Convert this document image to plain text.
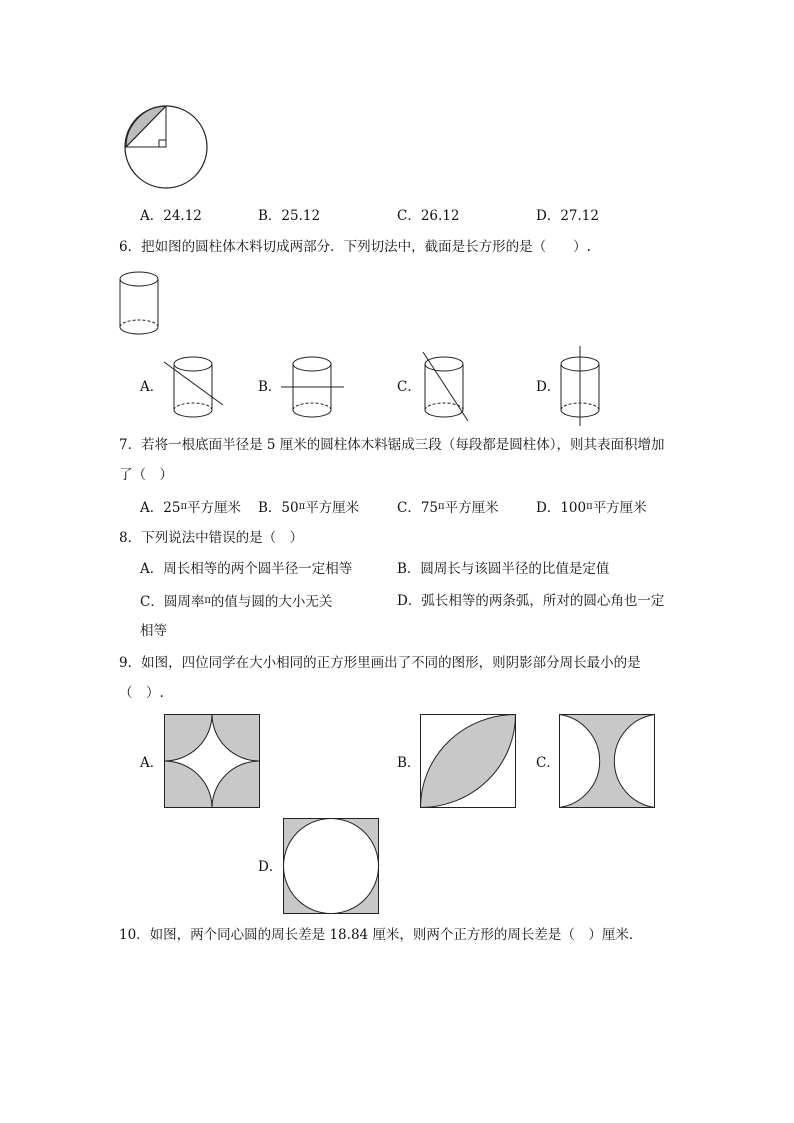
A．24.12	B．25.12	C．26.12	D．27.12
6．把如图的圆柱体木料切成两部分．下列切法中，截面是长方形的是（　　）.
A．	B．	C．	D．
7．若将一根底面半径是 5 厘米的圆柱体木料锯成三段（每段都是圆柱体），则其表面积增加
了（　）
A．$25^\pi$平方厘米 B．$50^\pi$平方厘米	C．$75^\pi$平方厘米	D．$100^\pi$平方厘米
8．下列说法中错误的是（　）
A．周长相等的两个圆半径一定相等	B．圆周长与该圆半径的比值是定值
C．圆周率$^\pi$的值与圆的大小无关	D．弧长相等的两条弧，所对的圆心角也一定
相等
9．如图，四位同学在大小相同的正方形里画出了不同的图形，则阴影部分周长最小的是
（　）.
A．	B．	C．
D．
10．如图，两个同心圆的周长差是 18.84 厘米，则两个正方形的周长差是（　）厘米．
